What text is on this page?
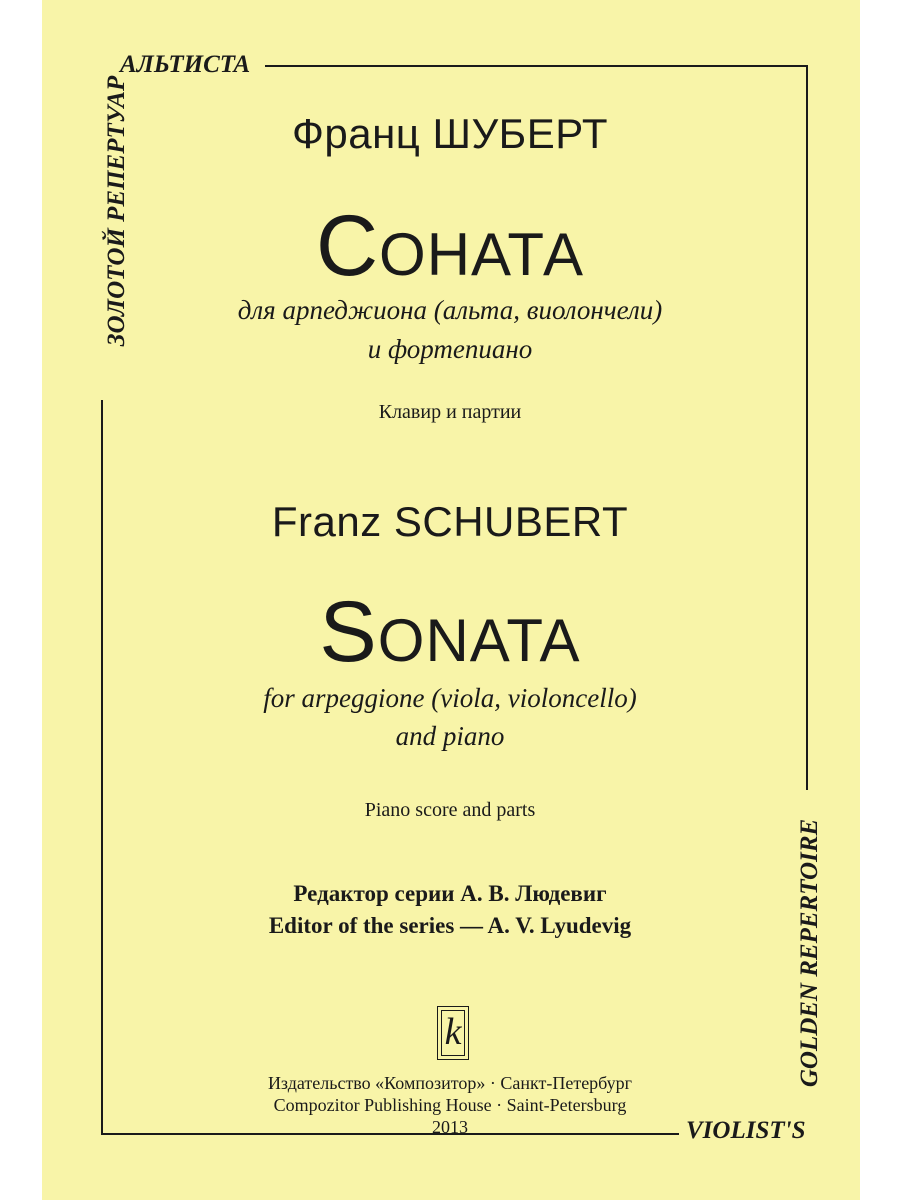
АЛЬТИСТА
ЗОЛОТОЙ РЕПЕРТУАР
GOLDEN REPERTOIRE
VIOLIST'S
Франц ШУБЕРТ
Соната
для арпеджиона (альта, виолончели)
и фортепиано
Клавир и партии
Franz SCHUBERT
Sonata
for arpeggione (viola, violoncello)
and piano
Piano score and parts
Редактор серии А. В. Людевиг
Editor of the series — A. V. Lyudevig
k
Издательство «Композитор» · Санкт-Петербург
Compozitor Publishing House · Saint-Petersburg
2013
